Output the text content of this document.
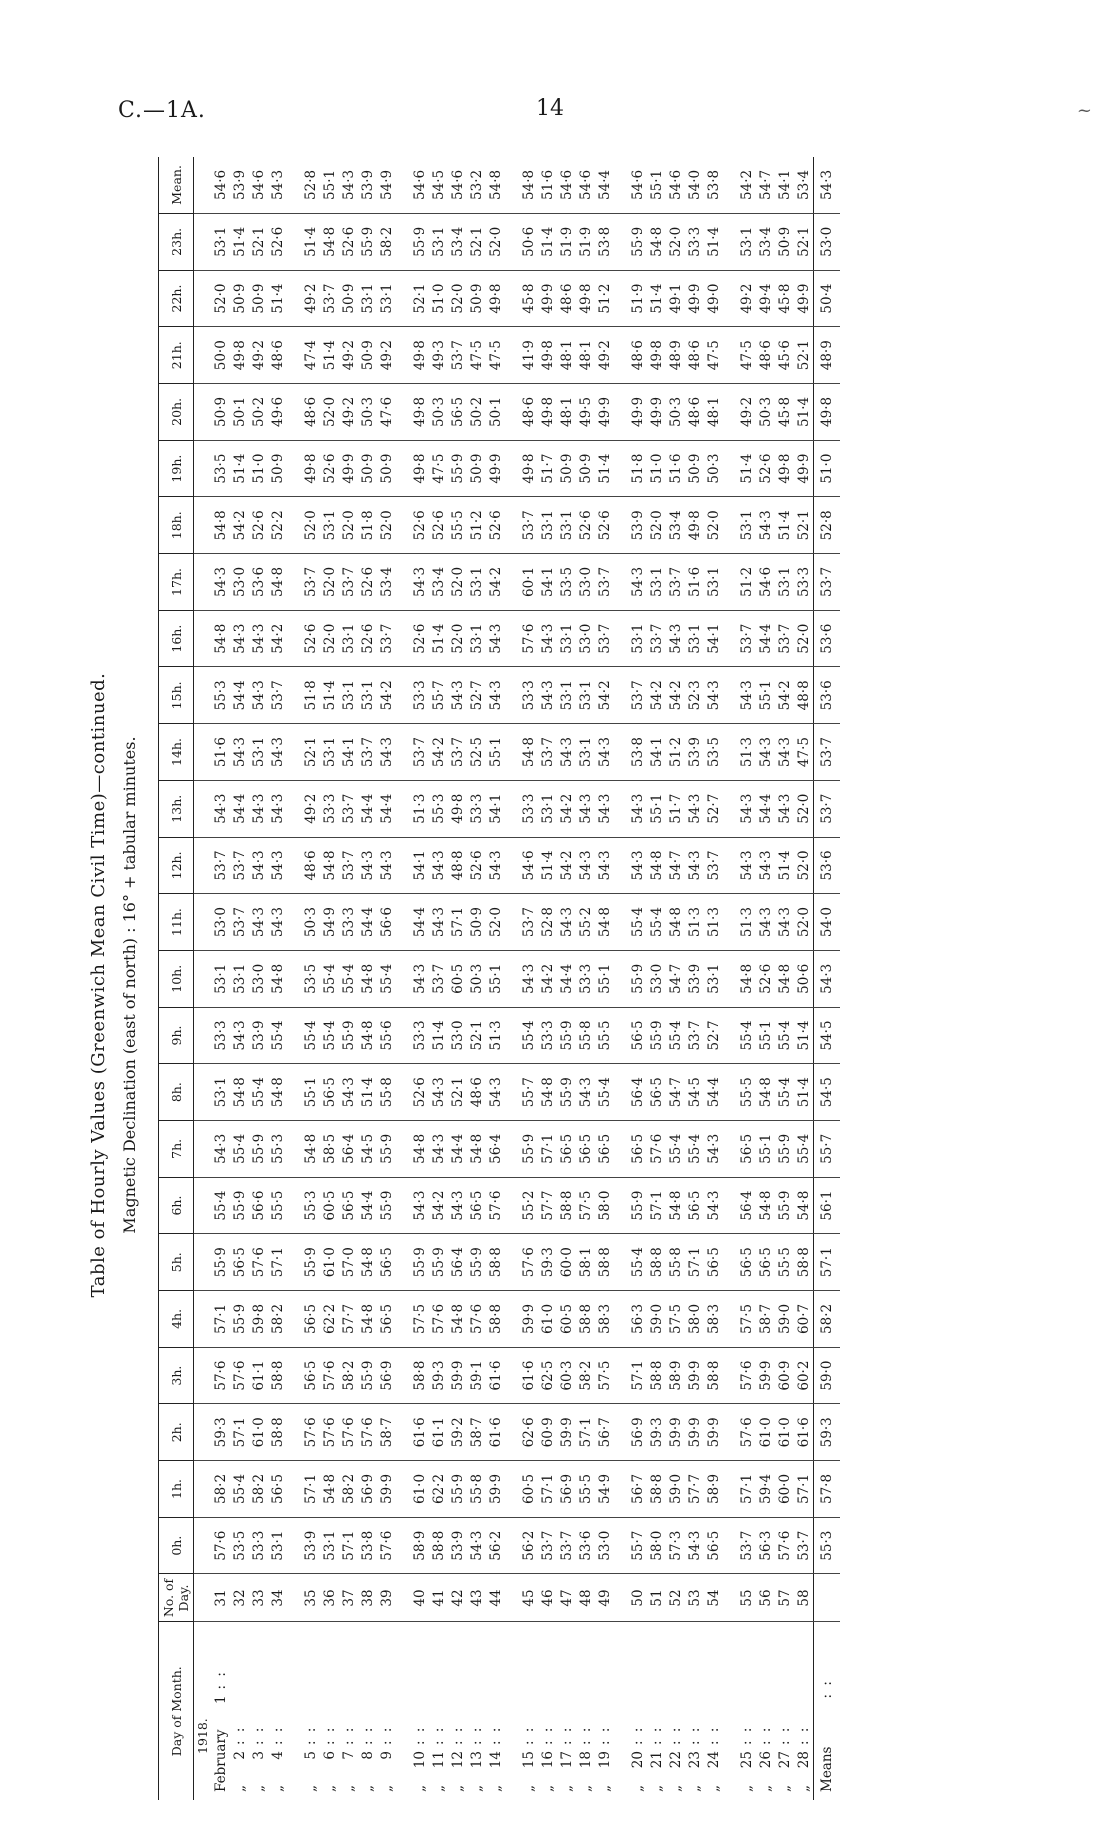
C.—1A.	14	~
Table of Hourly Values (Greenwich Mean Civil Time)—continued. Magnetic Declination (east of north) : 16° + tabular minutes.
Day of Month.	No. of Day.	0h.	1h.	2h.	3h.	4h.	5h.	6h.	7h.	8h.	9h.	10h.	11h.	12h.	13h.	14h.	15h.	16h.	17h.	18h.	19h.	20h.	21h.	22h.	23h.	Mean.
1918.																										
February1: :	31	57·6	58·2	59·3	57·6	57·1	55·9	55·4	54·3	53·1	53·3	53·1	53·0	53·7	54·3	51·6	55·3	54·8	54·3	54·8	53·5	50·9	50·0	52·0	53·1	54·6
„2: :	32	53·5	55·4	57·1	57·6	55·9	56·5	55·9	55·4	54·8	54·3	53·1	53·7	53·7	54·4	54·3	54·4	54·3	53·0	54·2	51·4	50·1	49·8	50·9	51·4	53·9
„3: :	33	53·3	58·2	61·0	61·1	59·8	57·6	56·6	55·9	55·4	53·9	53·0	54·3	54·3	54·3	53·1	54·3	54·3	53·6	52·6	51·0	50·2	49·2	50·9	52·1	54·6
„4: :	34	53·1	56·5	58·8	58·8	58·2	57·1	55·5	55·3	54·8	55·4	54·8	54·3	54·3	54·3	54·3	53·7	54·2	54·8	52·2	50·9	49·6	48·6	51·4	52·6	54·3

„5: :	35	53·9	57·1	57·6	56·5	56·5	55·9	55·3	54·8	55·1	55·4	53·5	50·3	48·6	49·2	52·1	51·8	52·6	53·7	52·0	49·8	48·6	47·4	49·2	51·4	52·8
„6: :	36	53·1	54·8	57·6	57·6	62·2	61·0	60·5	58·5	56·5	55·4	55·4	54·9	54·8	53·3	53·1	51·4	52·0	52·0	53·1	52·6	52·0	51·4	53·7	54·8	55·1
„7: :	37	57·1	58·2	57·6	58·2	57·7	57·0	56·5	56·4	54·3	55·9	55·4	53·3	53·7	53·7	54·1	53·1	53·1	53·7	52·0	49·9	49·2	49·2	50·9	52·6	54·3
„8: :	38	53·8	56·9	57·6	55·9	54·8	54·8	54·4	54·5	51·4	54·8	54·8	54·4	54·3	54·4	53·7	53·1	52·6	52·6	51·8	50·9	50·3	50·9	53·1	55·9	53·9
„9: :	39	57·6	59·9	58·7	56·9	56·5	56·5	55·9	55·9	55·8	55·6	55·4	56·6	54·3	54·4	54·3	54·2	53·7	53·4	52·0	50·9	47·6	49·2	53·1	58·2	54·9

„10: :	40	58·9	61·0	61·6	58·8	57·5	55·9	54·3	54·8	52·6	53·3	54·3	54·4	54·1	51·3	53·7	53·3	52·6	54·3	52·6	49·8	49·8	49·8	52·1	55·9	54·6
„11: :	41	58·8	62·2	61·1	59·3	57·6	55·9	54·2	54·3	54·3	51·4	53·7	54·3	54·3	55·3	54·2	55·7	51·4	53·4	52·6	47·5	50·3	49·3	51·0	53·1	54·5
„12: :	42	53·9	55·9	59·2	59·9	54·8	56·4	54·3	54·4	52·1	53·0	60·5	57·1	48·8	49·8	53·7	54·3	52·0	52·0	55·5	55·9	56·5	53·7	52·0	53·4	54·6
„13: :	43	54·3	55·8	58·7	59·1	57·6	55·9	56·5	54·8	48·6	52·1	50·3	50·9	52·6	53·3	52·5	52·7	53·1	53·1	51·2	50·9	50·2	47·5	50·9	52·1	53·2
„14: :	44	56·2	59·9	61·6	61·6	58·8	58·8	57·6	56·4	54·3	51·3	55·1	52·0	54·3	54·1	55·1	54·3	54·3	54·2	52·6	49·9	50·1	47·5	49·8	52·0	54·8

„15: :	45	56·2	60·5	62·6	61·6	59·9	57·6	55·2	55·9	55·7	55·4	54·3	53·7	54·6	53·3	54·8	53·3	57·6	60·1	53·7	49·8	48·6	41·9	45·8	50·6	54·8
„16: :	46	53·7	57·1	60·9	62·5	61·0	59·3	57·7	57·1	54·8	53·3	54·2	52·8	51·4	53·1	53·7	54·3	54·3	54·1	53·1	51·7	49·8	49·8	49·9	51·4	51·6
„17: :	47	53·7	56·9	59·9	60·3	60·5	60·0	58·8	56·5	55·9	55·9	54·4	54·3	54·2	54·2	54·3	53·1	53·1	53·5	53·1	50·9	48·1	48·1	48·6	51·9	54·6
„18: :	48	53·6	55·5	57·1	58·2	58·8	58·1	57·5	56·5	54·3	55·8	53·3	55·2	54·3	54·3	53·1	53·1	53·0	53·0	52·6	50·9	49·5	48·1	49·8	51·9	54·6
„19: :	49	53·0	54·9	56·7	57·5	58·3	58·8	58·0	56·5	55·4	55·5	55·1	54·8	54·3	54·3	54·3	54·2	53·7	53·7	52·6	51·4	49·9	49·2	51·2	53·8	54·4

„20: :	50	55·7	56·7	56·9	57·1	56·3	55·4	55·9	56·5	56·4	56·5	55·9	55·4	54·3	54·3	53·8	53·7	53·1	54·3	53·9	51·8	49·9	48·6	51·9	55·9	54·6
„21: :	51	58·0	58·8	59·3	58·8	59·0	58·8	57·1	57·6	56·5	55·9	53·0	55·4	54·8	55·1	54·1	54·2	53·7	53·1	52·0	51·0	49·9	49·8	51·4	54·8	55·1
„22: :	52	57·3	59·0	59·9	58·9	57·5	55·8	54·8	55·4	54·7	55·4	54·7	54·8	54·7	51·7	51·2	54·2	54·3	53·7	53·4	51·6	50·3	48·9	49·1	52·0	54·6
„23: :	53	54·3	57·7	59·9	59·9	58·0	57·1	56·5	55·4	54·5	53·7	53·9	51·3	54·3	54·3	53·9	52·3	53·1	51·6	49·8	50·9	48·6	48·6	49·9	53·3	54·0
„24: :	54	56·5	58·9	59·9	58·8	58·3	56·5	54·3	54·3	54·4	52·7	53·1	51·3	53·7	52·7	53·5	54·3	54·1	53·1	52·0	50·3	48·1	47·5	49·0	51·4	53·8

„25: :	55	53·7	57·1	57·6	57·6	57·5	56·5	56·4	56·5	55·5	55·4	54·8	51·3	54·3	54·3	51·3	54·3	53·7	51·2	53·1	51·4	49·2	47·5	49·2	53·1	54·2
„26: :	56	56·3	59·4	61·0	59·9	58·7	56·5	54·8	55·1	54·8	55·1	52·6	54·3	54·3	54·4	54·3	55·1	54·4	54·6	54·3	52·6	50·3	48·6	49·4	53·4	54·7
„27: :	57	57·6	60·0	61·0	60·9	59·0	55·5	55·9	55·9	55·4	55·4	54·8	54·3	51·4	54·3	54·3	54·2	53·7	53·1	51·4	49·8	45·8	45·6	45·8	50·9	54·1
„28: :	58	53·7	57·1	61·6	60·2	60·7	58·8	54·8	55·4	51·4	51·4	50·6	52·0	52·0	52·0	47·5	48·8	52·0	53·3	52·1	49·9	51·4	52·1	49·9	52·1	53·4
Means: :		55·3	57·8	59·3	59·0	58·2	57·1	56·1	55·7	54·5	54·5	54·3	54·0	53·6	53·7	53·7	53·6	53·6	53·7	52·8	51·0	49·8	48·9	50·4	53·0	54·3
